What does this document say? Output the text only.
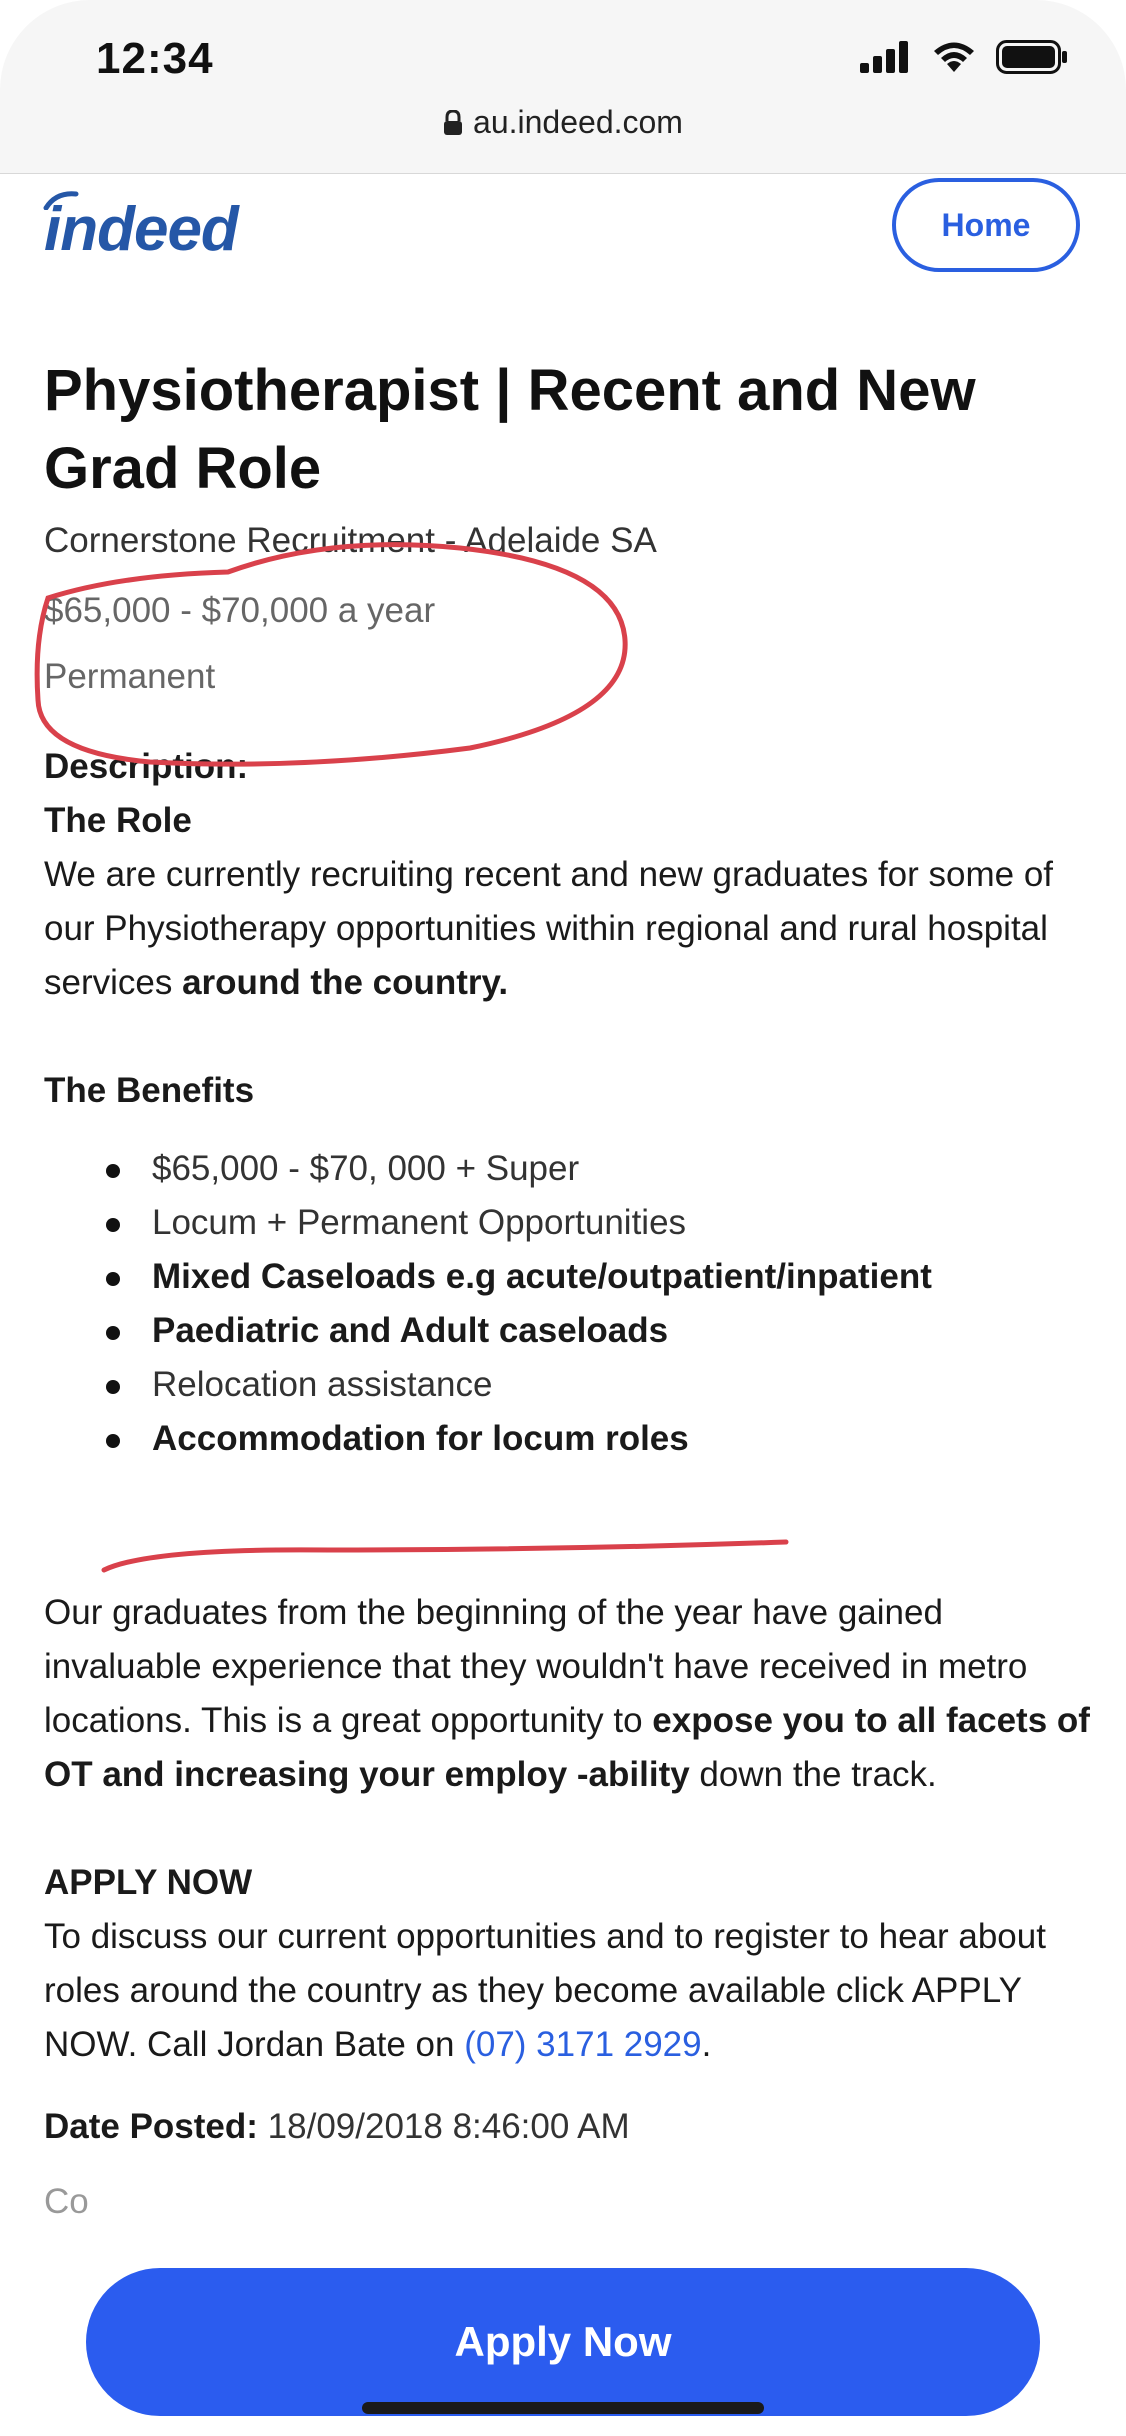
12:34
au.indeed.com
indeed	Home
Physiotherapist | Recent and New Grad Role
Cornerstone Recruitment - Adelaide SA
$65,000 - $70,000 a year
Permanent
Description:
The Role
We are currently recruiting recent and new graduates for some of our Physiotherapy opportunities within regional and rural hospital services around the country.
The Benefits
$65,000 - $70, 000 + Super
Locum + Permanent Opportunities
Mixed Caseloads e.g acute/outpatient/inpatient
Paediatric and Adult caseloads
Relocation assistance
Accommodation for locum roles
Our graduates from the beginning of the year have gained invaluable experience that they wouldn't have received in metro locations. This is a great opportunity to expose you to all facets of OT and increasing your employ -ability down the track.
APPLY NOW
To discuss our current opportunities and to register to hear about roles around the country as they become available click APPLY NOW. Call Jordan Bate on (07) 3171 2929.
Date Posted: 18/09/2018 8:46:00 AM
Co
Apply Now
